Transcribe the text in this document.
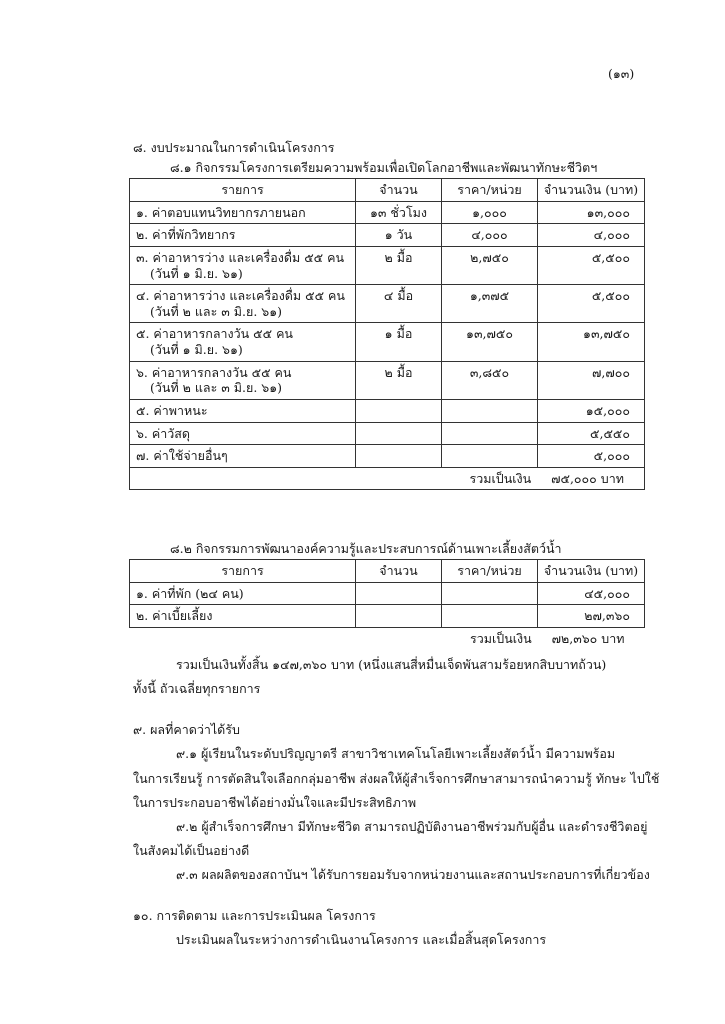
(๑๓)
๘. งบประมาณในการดำเนินโครงการ
๘.๑ กิจกรรมโครงการเตรียมความพร้อมเพื่อเปิดโลกอาชีพและพัฒนาทักษะชีวิตฯ
รายการ	จำนวน	ราคา/หน่วย	จำนวนเงิน (บาท)
๑. ค่าตอบแทนวิทยากรภายนอก	๑๓ ชั่วโมง	๑,๐๐๐	๑๓,๐๐๐
๒. ค่าที่พักวิทยากร	๑ วัน	๔,๐๐๐	๔,๐๐๐
๓. ค่าอาหารว่าง และเครื่องดื่ม ๕๕ คน
(วันที่ ๑ มิ.ย. ๖๑)	๒ มื้อ	๒,๗๕๐	๕,๕๐๐
๔. ค่าอาหารว่าง และเครื่องดื่ม ๕๕ คน
(วันที่ ๒ และ ๓ มิ.ย. ๖๑)	๔ มื้อ	๑,๓๗๕	๕,๕๐๐
๕. ค่าอาหารกลางวัน ๕๕ คน
(วันที่ ๑ มิ.ย. ๖๑)	๑ มื้อ	๑๓,๗๕๐	๑๓,๗๕๐
๖. ค่าอาหารกลางวัน ๕๕ คน
(วันที่ ๒ และ ๓ มิ.ย. ๖๑)	๒ มื้อ	๓,๘๕๐	๗,๗๐๐
๕. ค่าพาหนะ			๑๕,๐๐๐
๖. ค่าวัสดุ			๕,๕๕๐
๗. ค่าใช้จ่ายอื่นๆ			๕,๐๐๐
รวมเป็นเงิน ๗๕,๐๐๐ บาท			
๘.๒ กิจกรรมการพัฒนาองค์ความรู้และประสบการณ์ด้านเพาะเลี้ยงสัตว์น้ำ
รายการ	จำนวน	ราคา/หน่วย	จำนวนเงิน (บาท)
๑. ค่าที่พัก (๒๔ คน)			๔๕,๐๐๐
๒. ค่าเบี้ยเลี้ยง			๒๗,๓๖๐
รวมเป็นเงิน ๗๒,๓๖๐ บาท			
รวมเป็นเงินทั้งสิ้น ๑๔๗,๓๖๐ บาท (หนึ่งแสนสี่หมื่นเจ็ดพันสามร้อยหกสิบบาทถ้วน)
ทั้งนี้ ถัวเฉลี่ยทุกรายการ
๙. ผลที่คาดว่าได้รับ
๙.๑ ผู้เรียนในระดับปริญญาตรี สาขาวิชาเทคโนโลยีเพาะเลี้ยงสัตว์น้ำ มีความพร้อม
ในการเรียนรู้ การตัดสินใจเลือกกลุ่มอาชีพ ส่งผลให้ผู้สำเร็จการศึกษาสามารถนำความรู้ ทักษะ ไปใช้
ในการประกอบอาชีพได้อย่างมั่นใจและมีประสิทธิภาพ
๙.๒ ผู้สำเร็จการศึกษา มีทักษะชีวิต สามารถปฏิบัติงานอาชีพร่วมกับผู้อื่น และดำรงชีวิตอยู่
ในสังคมได้เป็นอย่างดี
๙.๓ ผลผลิตของสถาบันฯ ได้รับการยอมรับจากหน่วยงานและสถานประกอบการที่เกี่ยวข้อง
๑๐. การติดตาม และการประเมินผล โครงการ
ประเมินผลในระหว่างการดำเนินงานโครงการ และเมื่อสิ้นสุดโครงการ
